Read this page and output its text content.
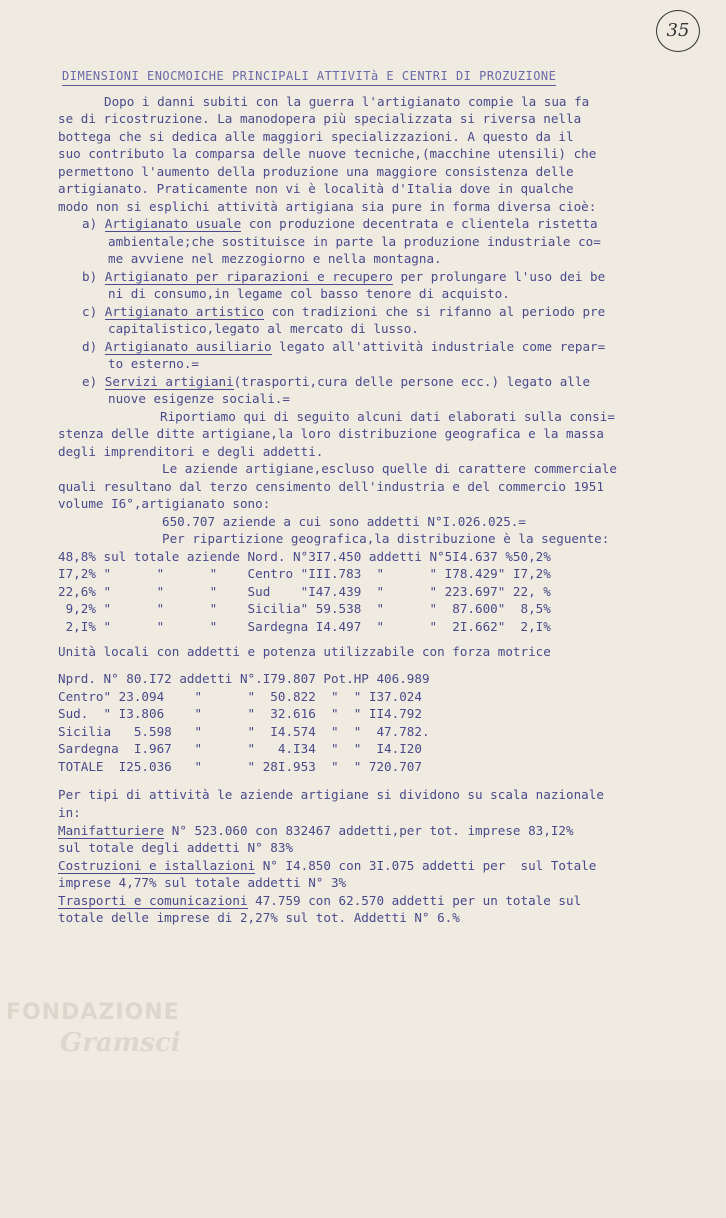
35

DIMENSIONI ENOCMOICHE PRINCIPALI ATTIVITà E CENTRI DI PROZUZIONE

Dopo i danni subiti con la guerra l'artigianato compie la sua fa

se di ricostruzione. La manodopera più specializzata si riversa nella

bottega che si dedica alle maggiori specializzazioni. A questo da il

suo contributo la comparsa delle nuove tecniche,(macchine utensili) che

permettono l'aumento della produzione una maggiore consistenza delle

artigianato. Praticamente non vi è località d'Italia dove in qualche

modo non si esplichi attività artigiana sia pure in forma diversa cioè:

a) Artigianato usuale con produzione decentrata e clientela ristetta

ambientale;che sostituisce in parte la produzione industriale co=

me avviene nel mezzogiorno e nella montagna.

b) Artigianato per riparazioni e recupero per prolungare l'uso dei be

ni di consumo,in legame col basso tenore di acquisto.

c) Artigianato artistico con tradizioni che si rifanno al periodo pre

capitalistico,legato al mercato di lusso.

d) Artigianato ausiliario legato all'attività industriale come repar=

to esterno.=

e) Servizi artigiani(trasporti,cura delle persone ecc.) legato alle

nuove esigenze sociali.=

Riportiamo qui di seguito alcuni dati elaborati sulla consi=

stenza delle ditte artigiane,la loro distribuzione geografica e la massa

degli imprenditori e degli addetti.

Le aziende artigiane,escluso quelle di carattere commerciale

quali resultano dal terzo censimento dell'industria e del commercio 1951

volume I6°,artigianato sono:

650.707 aziende a cui sono addetti N°I.026.025.=

Per ripartizione geografica,la distribuzione è la seguente:

48,8% sul totale aziende Nord. N°3I7.450 addetti N°5I4.637 %50,2%

I7,2% "      "      "    Centro "III.783  "      " I78.429" I7,2%

22,6% "      "      "    Sud    "I47.439  "      " 223.697" 22, %

9,2% "      "      "    Sicilia" 59.538  "      "  87.600"  8,5%

2,I% "      "      "    Sardegna I4.497  "      "  2I.662"  2,I%

Unità locali con addetti e potenza utilizzabile con forza motrice

Nprd. N° 80.I72 addetti N°.I79.807 Pot.HP 406.989

Centro" 23.094    "      "  50.822  "  " I37.024

Sud.  " I3.806    "      "  32.616  "  " II4.792

Sicilia   5.598   "      "  I4.574  "  "  47.782.

Sardegna  I.967   "      "   4.I34  "  "  I4.I20

TOTALE  I25.036   "      " 28I.953  "  " 720.707

Per tipi di attività le aziende artigiane si dividono su scala nazionale

in:

Manifatturiere N° 523.060 con 832467 addetti,per tot. imprese 83,I2%

sul totale degli addetti N° 83%

Costruzioni e istallazioni N° I4.850 con 3I.075 addetti per  sul Totale

imprese 4,77% sul totale addetti N° 3%

Trasporti e comunicazioni 47.759 con 62.570 addetti per un totale sul

totale delle imprese di 2,27% sul tot. Addetti N° 6.%

FONDAZIONE
Gramsci
